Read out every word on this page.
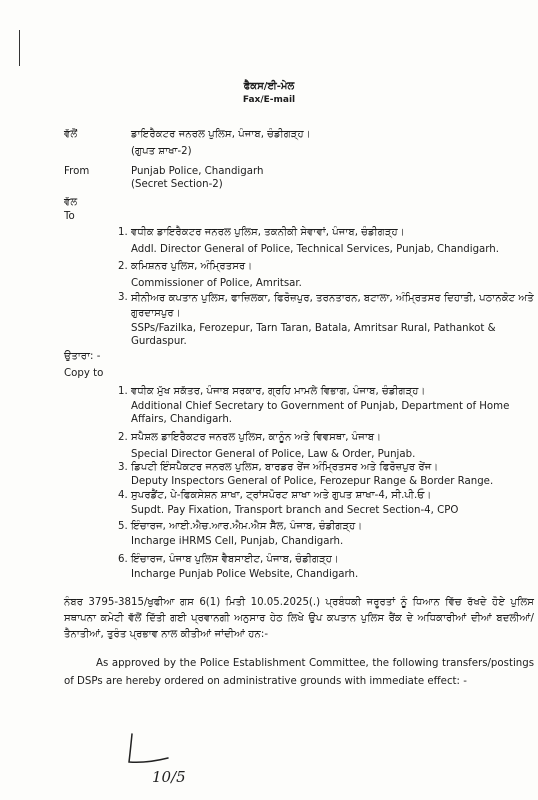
ਫੈਕਸ/ਈ-ਮੇਲ
Fax/E-mail
ਵੱਲੋਂ	ਡਾਇਰੈਕਟਰ ਜਨਰਲ ਪੁਲਿਸ, ਪੰਜਾਬ, ਚੰਡੀਗੜ੍ਹ।
(ਗੁਪਤ ਸ਼ਾਖਾ-2)
From	Punjab Police, Chandigarh
(Secret Section-2)
ਵੱਲ
To
1. ਵਧੀਕ ਡਾਇਰੈਕਟਰ ਜਨਰਲ ਪੁਲਿਸ, ਤਕਨੀਕੀ ਸੇਵਾਵਾਂ, ਪੰਜਾਬ, ਚੰਡੀਗੜ੍ਹ।
Addl. Director General of Police, Technical Services, Punjab, Chandigarh.
2. ਕਮਿਸ਼ਨਰ ਪੁਲਿਸ, ਅੰਮ੍ਰਿਤਸਰ।
Commissioner of Police, Amritsar.
3. ਸੀਨੀਅਰ ਕਪਤਾਨ ਪੁਲਿਸ, ਫਾਜ਼ਿਲਕਾ, ਫਿਰੋਜ਼ਪੁਰ, ਤਰਨਤਾਰਨ, ਬਟਾਲਾ, ਅੰਮ੍ਰਿਤਸਰ ਦਿਹਾਤੀ, ਪਠਾਨਕੋਟ ਅਤੇ ਗੁਰਦਾਸਪੁਰ।
SSPs/Fazilka, Ferozepur, Tarn Taran, Batala, Amritsar Rural, Pathankot & Gurdaspur.
ਉਤਾਰਾ: -
Copy to
1. ਵਧੀਕ ਮੁੱਖ ਸਕੱਤਰ, ਪੰਜਾਬ ਸਰਕਾਰ, ਗ੍ਰਹਿ ਮਾਮਲੇ ਵਿਭਾਗ, ਪੰਜਾਬ, ਚੰਡੀਗੜ੍ਹ।
Additional Chief Secretary to Government of Punjab, Department of Home Affairs, Chandigarh.
2. ਸਪੈਸ਼ਲ ਡਾਇਰੈਕਟਰ ਜਨਰਲ ਪੁਲਿਸ, ਕਾਨੂੰਨ ਅਤੇ ਵਿਵਸਥਾ, ਪੰਜਾਬ।
Special Director General of Police, Law & Order, Punjab.
3. ਡਿਪਟੀ ਇੰਸਪੈਕਟਰ ਜਨਰਲ ਪੁਲਿਸ, ਬਾਰਡਰ ਰੇਂਜ ਅੰਮ੍ਰਿਤਸਰ ਅਤੇ ਫਿਰੋਜ਼ਪੁਰ ਰੇਂਜ।
Deputy Inspectors General of Police, Ferozepur Range & Border Range.
4. ਸੁਪਰਡੈਂਟ, ਪੇ-ਫਿਕਸੇਸ਼ਨ ਸ਼ਾਖਾ, ਟ੍ਰਾਂਸਪੋਰਟ ਸ਼ਾਖਾ ਅਤੇ ਗੁਪਤ ਸ਼ਾਖਾ-4, ਸੀ.ਪੀ.ਓ।
Supdt. Pay Fixation, Transport branch and Secret Section-4, CPO
5. ਇੰਚਾਰਜ, ਆਈ.ਐਚ.ਆਰ.ਐਮ.ਐਸ ਸੈੱਲ, ਪੰਜਾਬ, ਚੰਡੀਗੜ੍ਹ।
Incharge iHRMS Cell, Punjab, Chandigarh.
6. ਇੰਚਾਰਜ, ਪੰਜਾਬ ਪੁਲਿਸ ਵੈਬਸਾਈਟ, ਪੰਜਾਬ, ਚੰਡੀਗੜ੍ਹ।
Incharge Punjab Police Website, Chandigarh.
ਨੰਬਰ 3795-3815/ਖੁਫੀਆ ਗਸ 6(1) ਮਿਤੀ 10.05.2025(.) ਪ੍ਰਬੰਧਕੀ ਜਰੂਰਤਾਂ ਨੂੰ ਧਿਆਨ ਵਿੱਚ ਰੱਖਦੇ ਹੋਏ ਪੁਲਿਸ ਸਥਾਪਨਾ ਕਮੇਟੀ ਵੱਲੋਂ ਦਿੱਤੀ ਗਈ ਪ੍ਰਵਾਨਗੀ ਅਨੁਸਾਰ ਹੇਠ ਲਿਖੇ ਉਪ ਕਪਤਾਨ ਪੁਲਿਸ ਰੈਂਕ ਦੇ ਅਧਿਕਾਰੀਆਂ ਦੀਆਂ ਬਦਲੀਆਂ/ਤੈਨਾਤੀਆਂ, ਤੁਰੰਤ ਪ੍ਰਭਾਵ ਨਾਲ ਕੀਤੀਆਂ ਜਾਂਦੀਆਂ ਹਨ:-
As approved by the Police Establishment Committee, the following transfers/postings of DSPs are hereby ordered on administrative grounds with immediate effect: -
10/5
